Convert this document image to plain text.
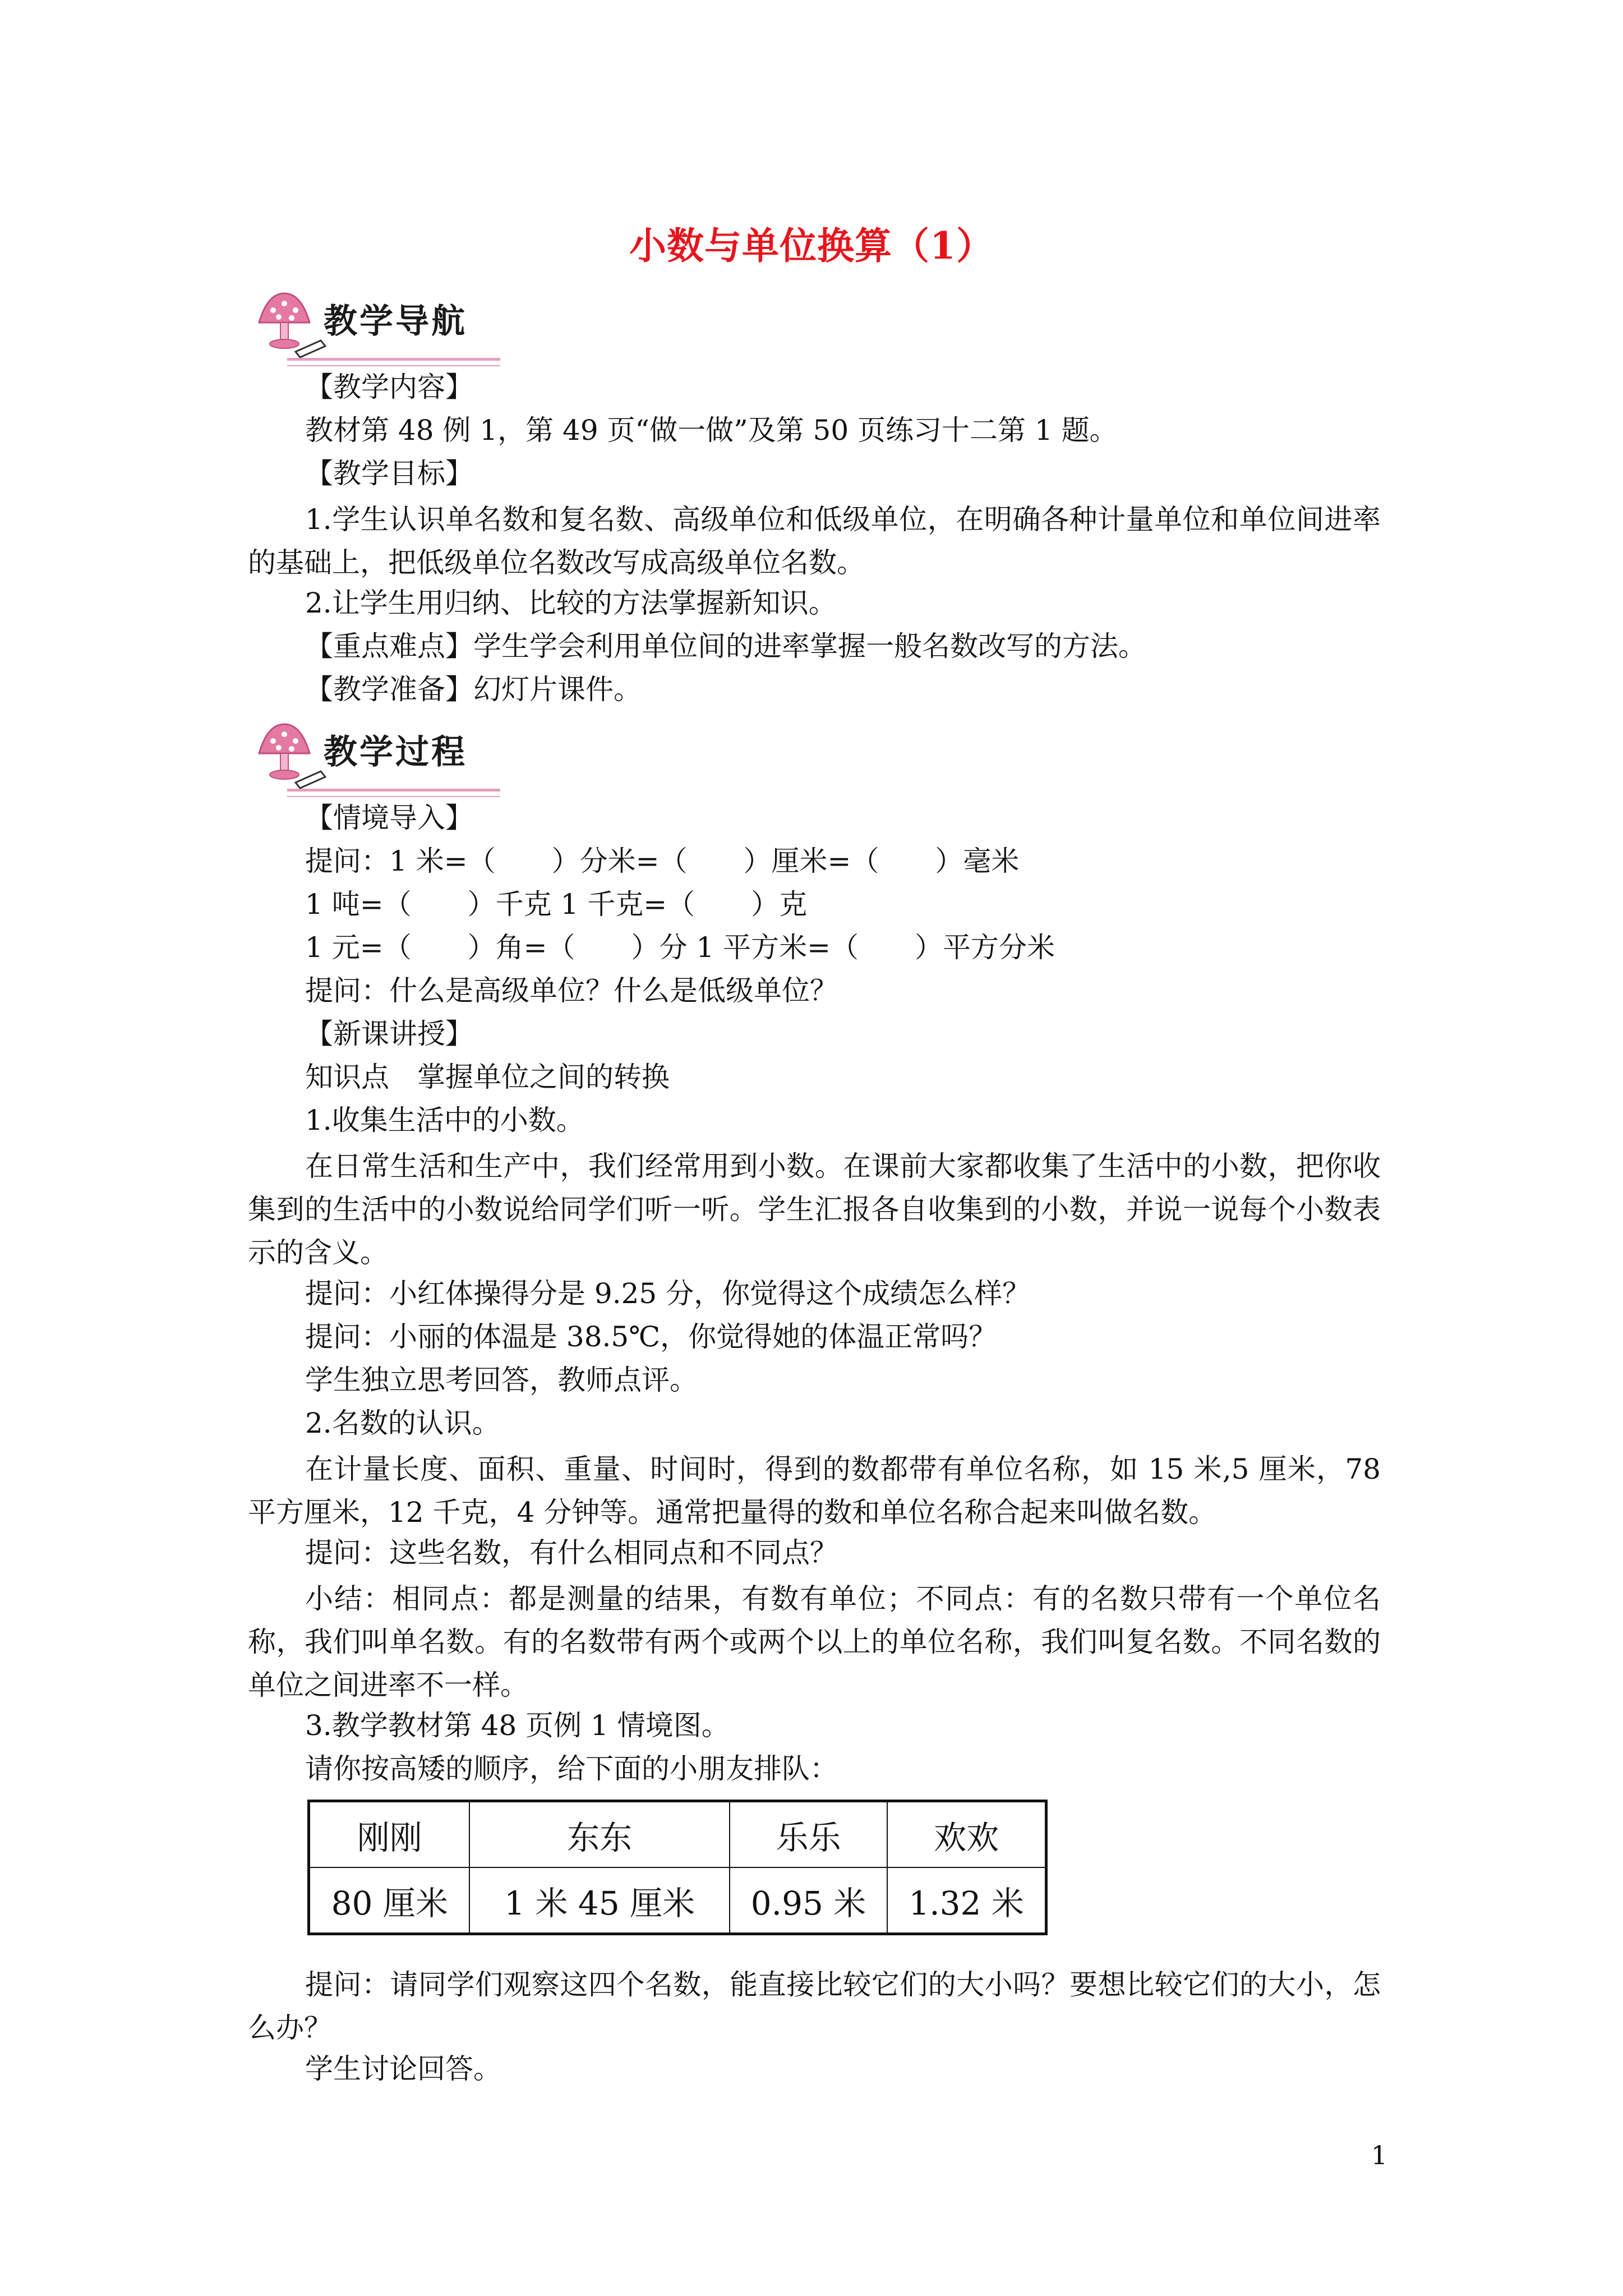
小数与单位换算（1）
教学导航
【教学内容】
教材第 48 例 1，第 49 页“做一做”及第 50 页练习十二第 1 题。
【教学目标】
1.学生认识单名数和复名数、高级单位和低级单位，在明确各种计量单位和单位间进率的基础上，把低级单位名数改写成高级单位名数。
2.让学生用归纳、比较的方法掌握新知识。
【重点难点】学生学会利用单位间的进率掌握一般名数改写的方法。
【教学准备】幻灯片课件。
教学过程
【情境导入】
提问：1 米=（　　）分米=（　　）厘米=（　　）毫米
1 吨=（　　）千克 1 千克=（　　）克
1 元=（　　）角=（　　）分 1 平方米=（　　）平方分米
提问：什么是高级单位？什么是低级单位？
【新课讲授】
知识点　掌握单位之间的转换
1.收集生活中的小数。
在日常生活和生产中，我们经常用到小数。在课前大家都收集了生活中的小数，把你收集到的生活中的小数说给同学们听一听。学生汇报各自收集到的小数，并说一说每个小数表示的含义。
提问：小红体操得分是 9.25 分，你觉得这个成绩怎么样？
提问：小丽的体温是 38.5℃，你觉得她的体温正常吗？
学生独立思考回答，教师点评。
2.名数的认识。
在计量长度、面积、重量、时间时，得到的数都带有单位名称，如 15 米,5 厘米，78 平方厘米，12 千克，4 分钟等。通常把量得的数和单位名称合起来叫做名数。
提问：这些名数，有什么相同点和不同点？
小结：相同点：都是测量的结果，有数有单位；不同点：有的名数只带有一个单位名称，我们叫单名数。有的名数带有两个或两个以上的单位名称，我们叫复名数。不同名数的单位之间进率不一样。
3.教学教材第 48 页例 1 情境图。
请你按高矮的顺序，给下面的小朋友排队：
刚刚	东东	乐乐	欢欢
80 厘米	1 米 45 厘米	0.95 米	1.32 米
提问：请同学们观察这四个名数，能直接比较它们的大小吗？要想比较它们的大小，怎么办？
学生讨论回答。
1
